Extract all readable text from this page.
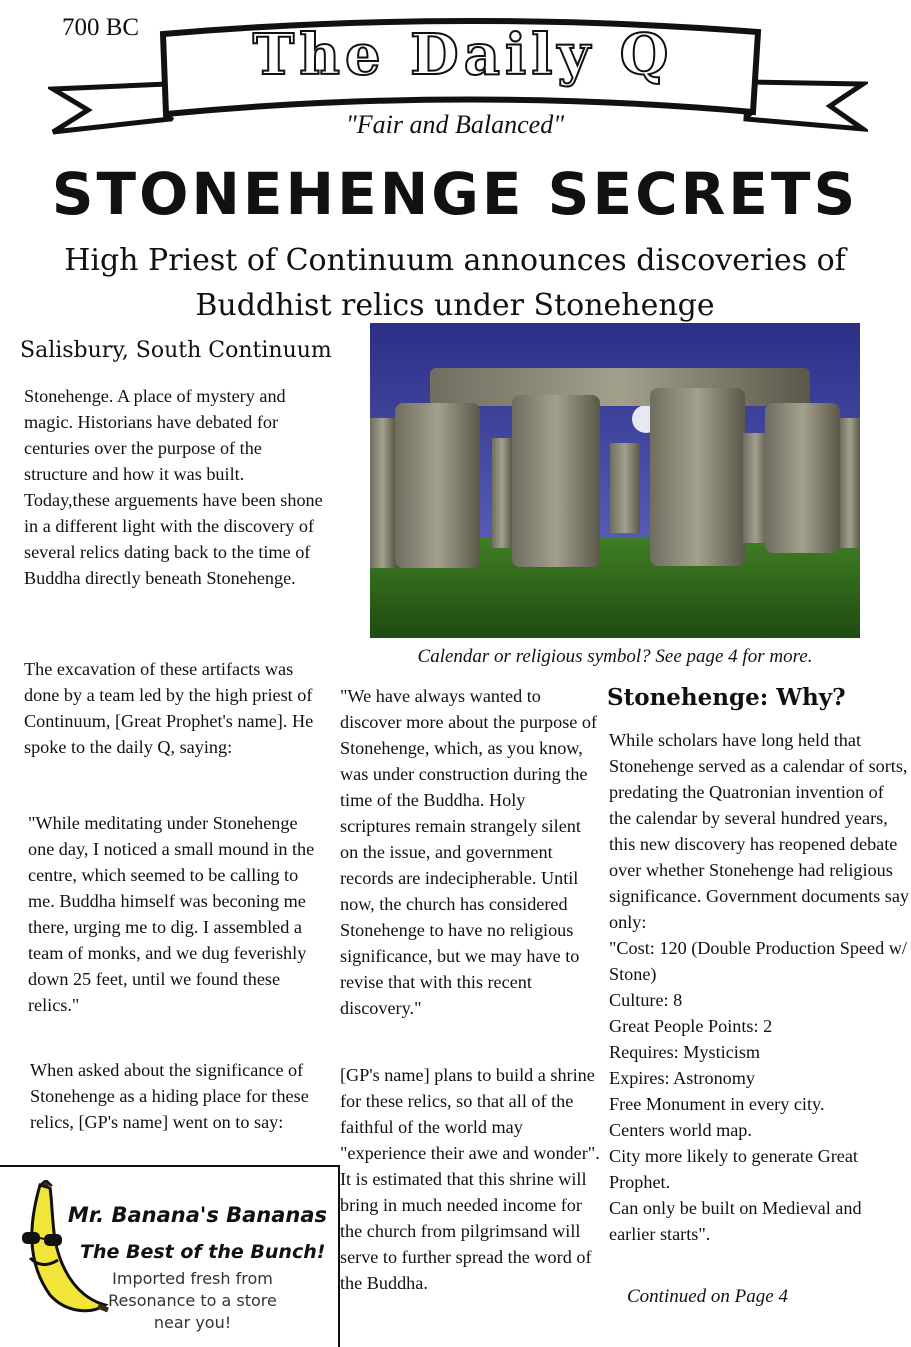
700 BC	The Daily Q
"Fair and Balanced"
STONEHENGE SECRETS
High Priest of Continuum announces discoveries of Buddhist relics under Stonehenge
Salisbury, South Continuum

Stonehenge. A place of mystery and magic. Historians have debated for centuries over the purpose of the structure and how it was built. Today,these arguements have been shone in a different light with the discovery of several relics dating back to the time of Buddha directly beneath Stonehenge.

The excavation of these artifacts was done by a team led by the high priest of Continuum, [Great Prophet's name]. He spoke to the daily Q, saying:

"While meditating under Stonehenge one day, I noticed a small mound in the centre, which seemed to be calling to me. Buddha himself was beconing me there, urging me to dig. I assembled a team of monks, and we dug feverishly down 25 feet, until we found these relics."

When asked about the significance of Stonehenge as a hiding place for these relics, [GP's name] went on to say:

Calendar or religious symbol? See page 4 for more.

"We have always wanted to discover more about the purpose of Stonehenge, which, as you know, was under construction during the time of the Buddha. Holy scriptures remain strangely silent on the issue, and government records are indecipherable. Until now, the church has considered Stonehenge to have no religious significance, but we may have to revise that with this recent discovery."

[GP's name] plans to build a shrine for these relics, so that all of the faithful of the world may "experience their awe and wonder". It is estimated that this shrine will bring in much needed income for the church from pilgrimsand will serve to further spread the word of the Buddha.

Stonehenge: Why?

While scholars have long held that Stonehenge served as a calendar of sorts, predating the Quatronian invention of the calendar by several hundred years, this new discovery has reopened debate over whether Stonehenge had religious significance. Government documents say only:

"Cost: 120 (Double Production Speed w/ Stone)
Culture: 8
Great People Points: 2
Requires: Mysticism
Expires: Astronomy
Free Monument in every city.
Centers world map.
City more likely to generate Great Prophet.
Can only be built on Medieval and earlier starts".
Continued on Page 4
Mr. Banana's Bananas
The Best of the Bunch!
Imported fresh from Resonance to a store near you!
